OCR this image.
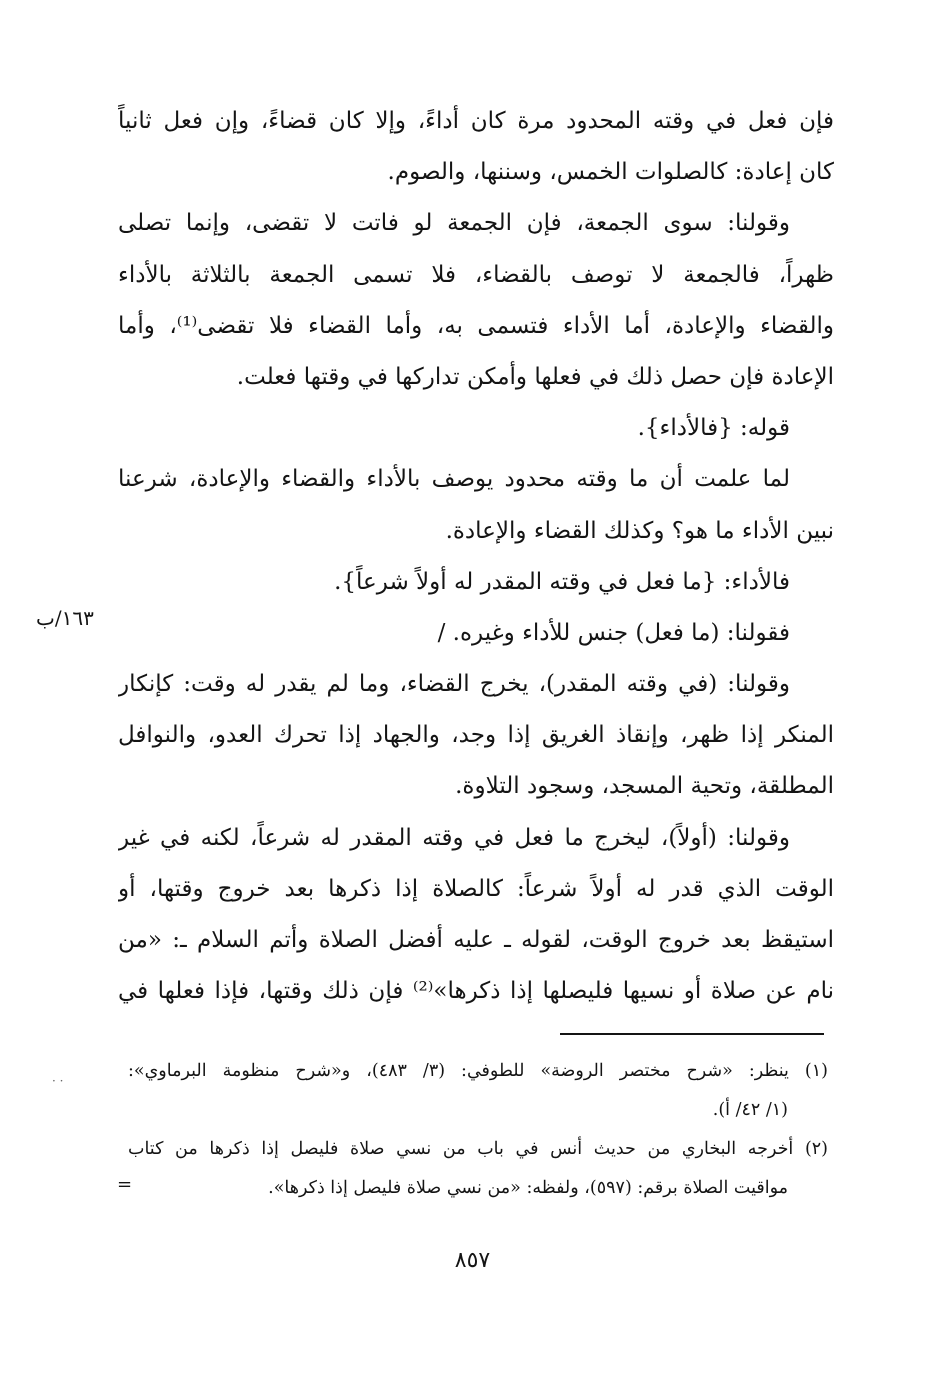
فإن فعل في وقته المحدود مرة كان أداءً، وإلا كان قضاءً، وإن فعل ثانياً
كان إعادة: كالصلوات الخمس، وسننها، والصوم.
وقولنا: سوى الجمعة، فإن الجمعة لو فاتت لا تقضى، وإنما تصلى
ظهراً، فالجمعة لا توصف بالقضاء، فلا تسمى الجمعة بالثلاثة بالأداء
والقضاء والإعادة، أما الأداء فتسمى به، وأما القضاء فلا تقضى⁽¹⁾، وأما
الإعادة فإن حصل ذلك في فعلها وأمكن تداركها في وقتها فعلت.
قوله: {فالأداء}.
لما علمت أن ما وقته محدود يوصف بالأداء والقضاء والإعادة، شرعنا
نبين الأداء ما هو؟ وكذلك القضاء والإعادة.
فالأداء: {ما فعل في وقته المقدر له أولاً شرعاً}.
فقولنا: (ما فعل) جنس للأداء وغيره. /
وقولنا: (في وقته المقدر)، يخرج القضاء، وما لم يقدر له وقت: كإنكار
المنكر إذا ظهر، وإنقاذ الغريق إذا وجد، والجهاد إذا تحرك العدو، والنوافل
المطلقة، وتحية المسجد، وسجود التلاوة.
وقولنا: (أولاً)، ليخرج ما فعل في وقته المقدر له شرعاً، لكنه في غير
الوقت الذي قدر له أولاً شرعاً: كالصلاة إذا ذكرها بعد خروج وقتها، أو
استيقظ بعد خروج الوقت، لقوله ـ عليه أفضل الصلاة وأتم السلام ـ: «من
نام عن صلاة أو نسيها فليصلها إذا ذكرها»⁽²⁾ فإن ذلك وقتها، فإذا فعلها في
١٦٣/ب
· ·	(١) ينظر: «شرح مختصر الروضة» للطوفي: (٣/ ٤٨٣)، و«شرح منظومة البرماوي»:
(١/ ٤٢/ أ).
(٢) أخرجه البخاري من حديث أنس في باب من نسي صلاة فليصل إذا ذكرها من كتاب
مواقيت الصلاة برقم: (٥٩٧)، ولفظه: «من نسي صلاة فليصل إذا ذكرها».
=
٨٥٧
